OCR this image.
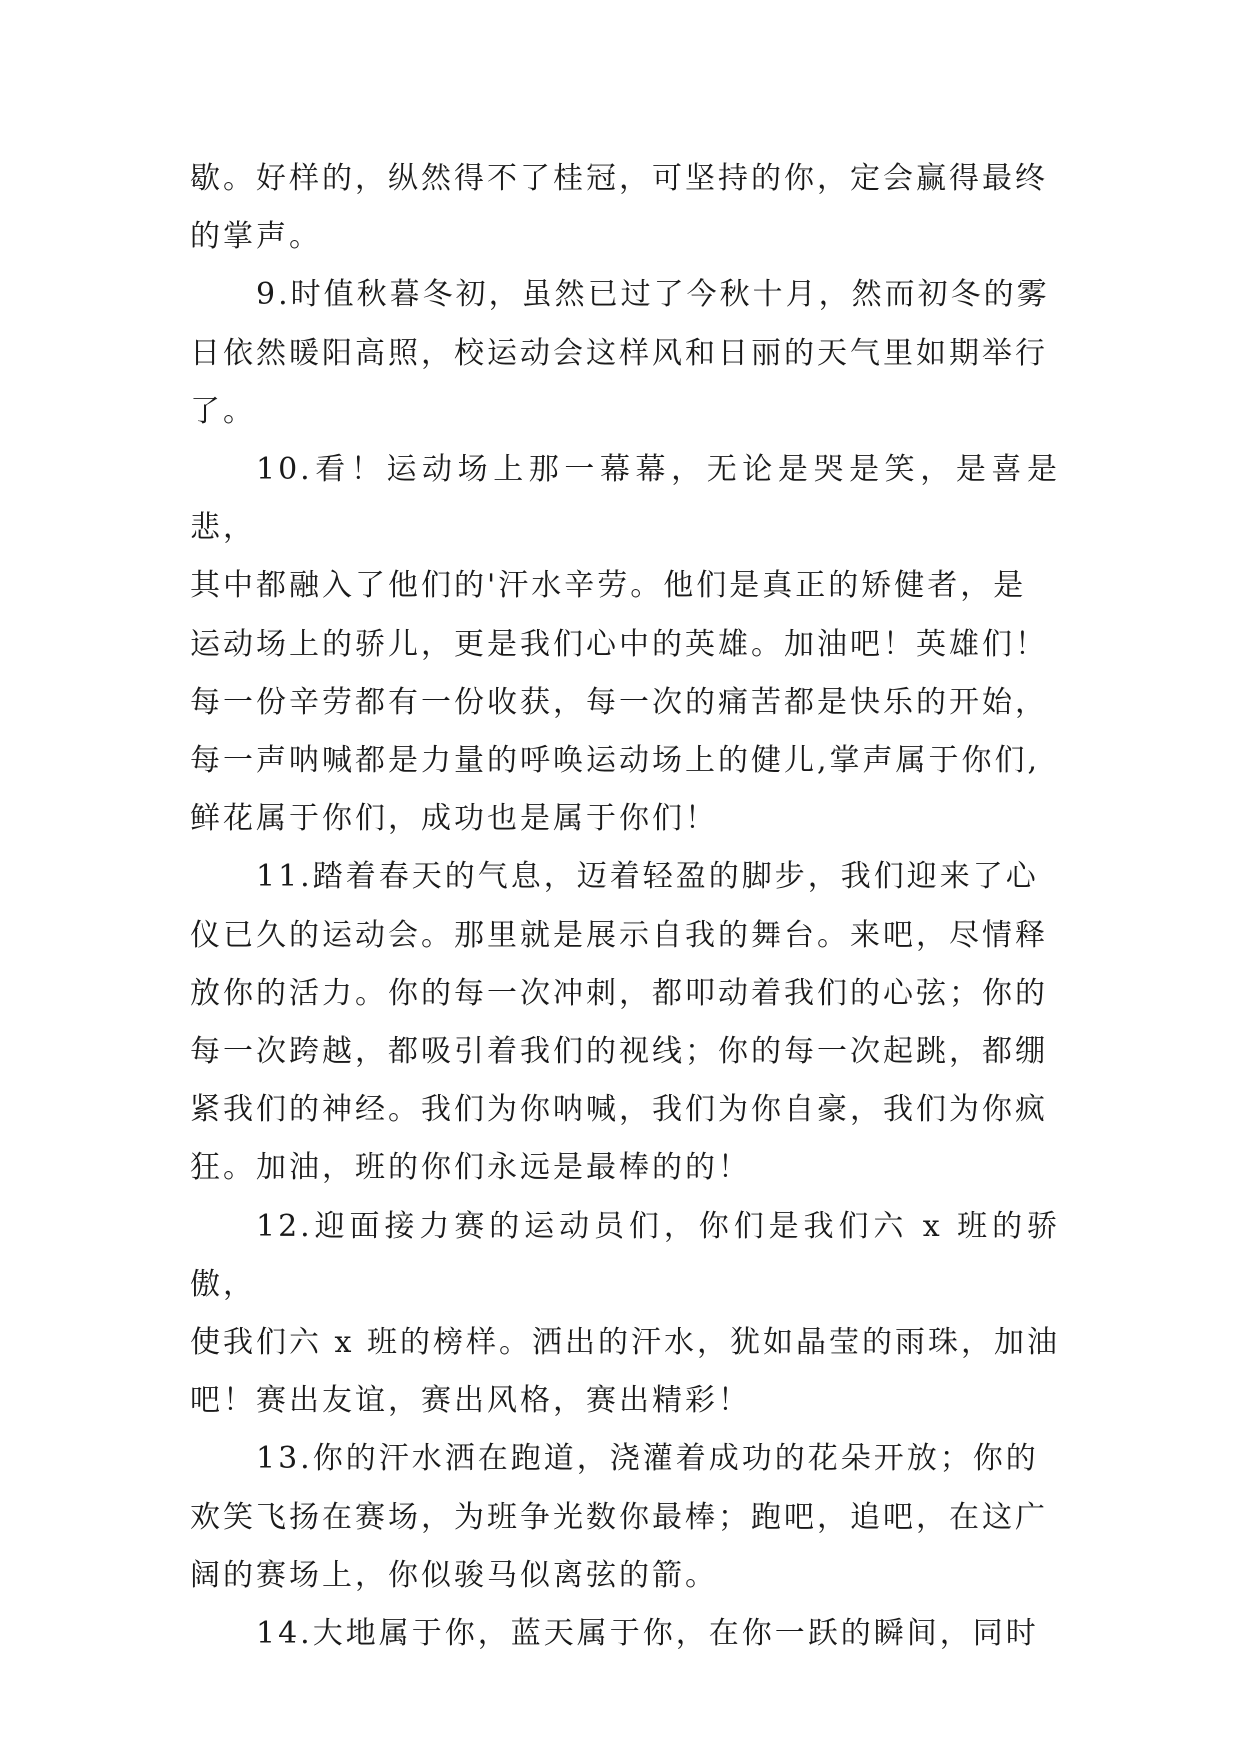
歇。好样的，纵然得不了桂冠，可坚持的你，定会赢得最终
的掌声。
9.时值秋暮冬初，虽然已过了今秋十月，然而初冬的雾
日依然暖阳高照，校运动会这样风和日丽的天气里如期举行
了。
10.看！运动场上那一幕幕，无论是哭是笑，是喜是悲，
其中都融入了他们的'汗水辛劳。他们是真正的矫健者，是
运动场上的骄儿，更是我们心中的英雄。加油吧！英雄们！
每一份辛劳都有一份收获，每一次的痛苦都是快乐的开始，
每一声呐喊都是力量的呼唤运动场上的健儿,掌声属于你们,
鲜花属于你们，成功也是属于你们！
11.踏着春天的气息，迈着轻盈的脚步，我们迎来了心
仪已久的运动会。那里就是展示自我的舞台。来吧，尽情释
放你的活力。你的每一次冲刺，都叩动着我们的心弦；你的
每一次跨越，都吸引着我们的视线；你的每一次起跳，都绷
紧我们的神经。我们为你呐喊，我们为你自豪，我们为你疯
狂。加油，班的你们永远是最棒的的！
12.迎面接力赛的运动员们，你们是我们六 x 班的骄傲，
使我们六 x 班的榜样。洒出的汗水，犹如晶莹的雨珠，加油
吧！赛出友谊，赛出风格，赛出精彩！
13.你的汗水洒在跑道，浇灌着成功的花朵开放；你的
欢笑飞扬在赛场，为班争光数你最棒；跑吧，追吧，在这广
阔的赛场上，你似骏马似离弦的箭。
14.大地属于你，蓝天属于你，在你一跃的瞬间，同时
